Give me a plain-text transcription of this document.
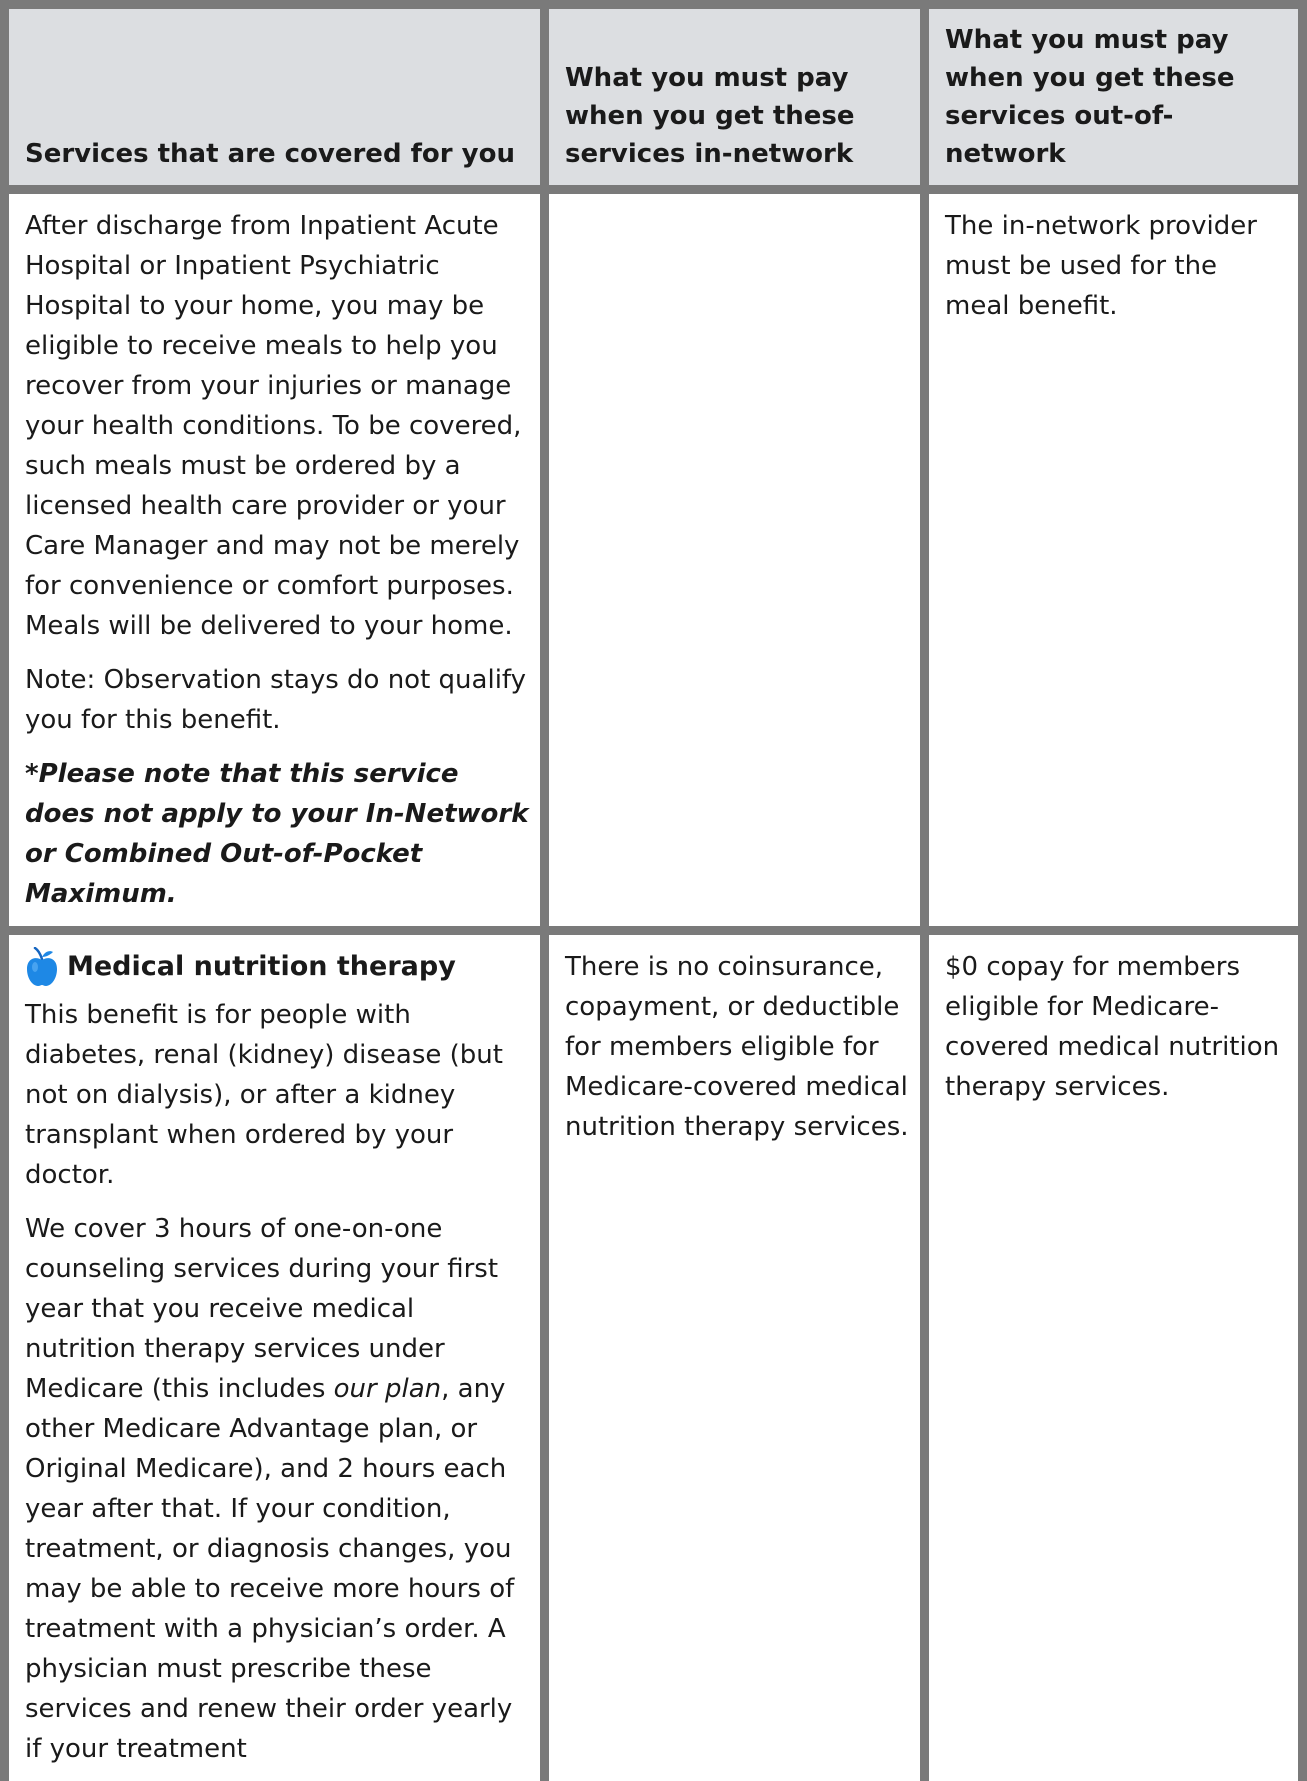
Services that are covered for you	What you must pay when you get these services in-network	What you must pay when you get these services out-of-network

After discharge from Inpatient Acute Hospital or Inpatient Psychiatric Hospital to your home, you may be eligible to receive meals to help you recover from your injuries or manage your health conditions. To be covered, such meals must be ordered by a licensed health care provider or your Care Manager and may not be merely for convenience or comfort purposes. Meals will be delivered to your home.

Note: Observation stays do not qualify you for this benefit.

*Please note that this service does not apply to your In-Network or Combined Out-of-Pocket Maximum.		The in-network provider must be used for the meal benefit.

Medical nutrition therapy

This benefit is for people with diabetes, renal (kidney) disease (but not on dialysis), or after a kidney transplant when ordered by your doctor.

We cover 3 hours of one-on-one counseling services during your first year that you receive medical nutrition therapy services under Medicare (this includes our plan, any other Medicare Advantage plan, or Original Medicare), and 2 hours each year after that. If your condition, treatment, or diagnosis changes, you may be able to receive more hours of treatment with a physician’s order. A physician must prescribe these services and renew their order yearly if your treatment	There is no coinsurance, copayment, or deductible for members eligible for Medicare-covered medical nutrition therapy services.	$0 copay for members eligible for Medicare-covered medical nutrition therapy services.
